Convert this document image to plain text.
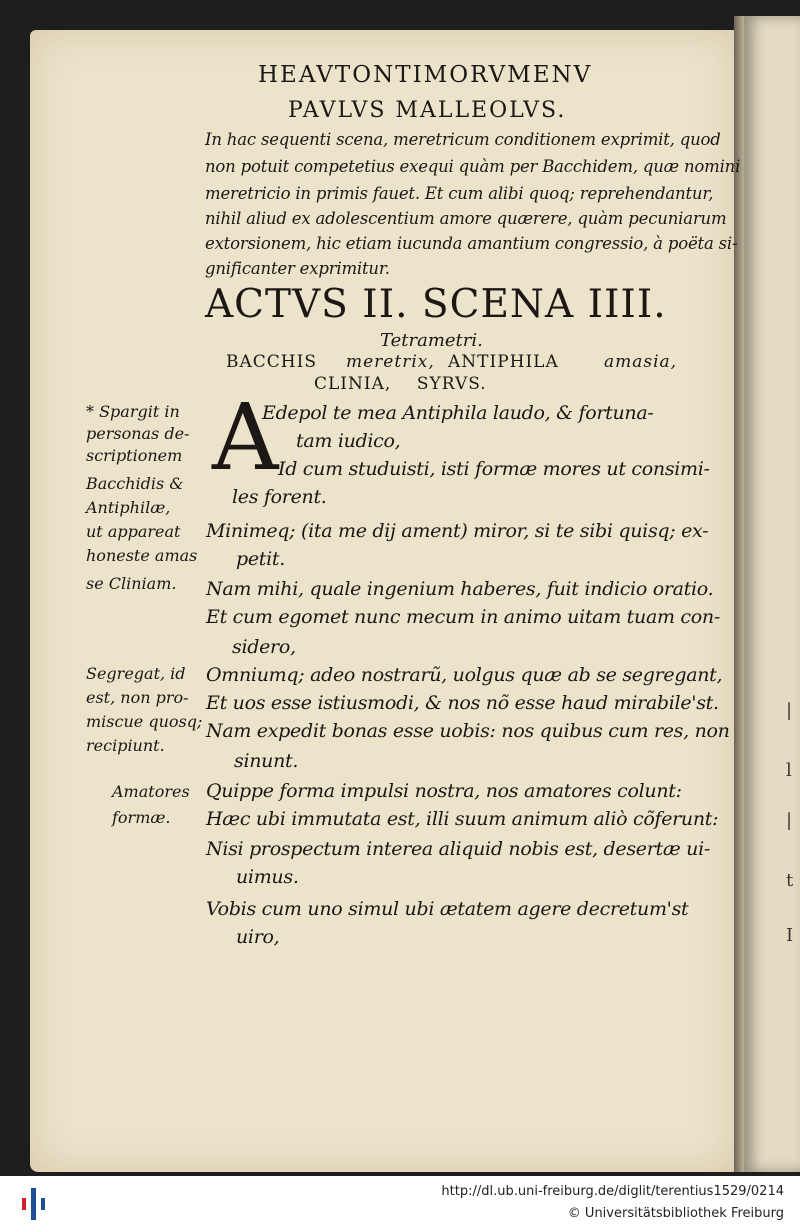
HEAVTONTIMORVMENV
PAVLVS MALLEOLVS.
In hac sequenti scena, meretricum conditionem exprimit, quod
non potuit competetius exequi quàm per Bacchidem, quæ nomini
meretricio in primis fauet. Et cum alibi quoq; reprehendantur,
nihil aliud ex adolescentium amore quærere, quàm pecuniarum
extorsionem, hic etiam iucunda amantium congressio, à poëta si-
gnificanter exprimitur.
ACTVS II. SCENA IIII.
Tetrametri.
BACCHIS meretrix, ANTIPHILA	amasia,
CLINIA,    SYRVS.
A
* Spargit in
personas de-
scriptionem
Bacchidis &
Antiphilæ,
ut appareat
honeste amas
se Cliniam.
Segregat, id
est, non pro-
miscue quosq;
recipiunt.
Amatores
formæ.
Edepol te mea Antiphila laudo, & fortuna-
tam iudico,
Id cum studuisti, isti formæ mores ut consimi-
les forent.
Minimeq; (ita me dij ament) miror, si te sibi quisq; ex-
petit.
Nam mihi, quale ingenium haberes, fuit indicio oratio.
Et cum egomet nunc mecum in animo uitam tuam con-
sidero,
Omniumq; adeo nostrarũ, uolgus quæ ab se segregant,
Et uos esse istiusmodi, & nos nõ esse haud mirabile'st.
Nam expedit bonas esse uobis: nos quibus cum res, non
sinunt.
Quippe forma impulsi nostra, nos amatores colunt:
Hæc ubi immutata est, illi suum animum aliò cõferunt:
Nisi prospectum interea aliquid nobis est, desertæ ui-
uimus.
Vobis cum uno simul ubi ætatem agere decretum'st
uiro,
|
l
|
t
I
http://dl.ub.uni-freiburg.de/diglit/terentius1529/0214
© Universitätsbibliothek Freiburg
